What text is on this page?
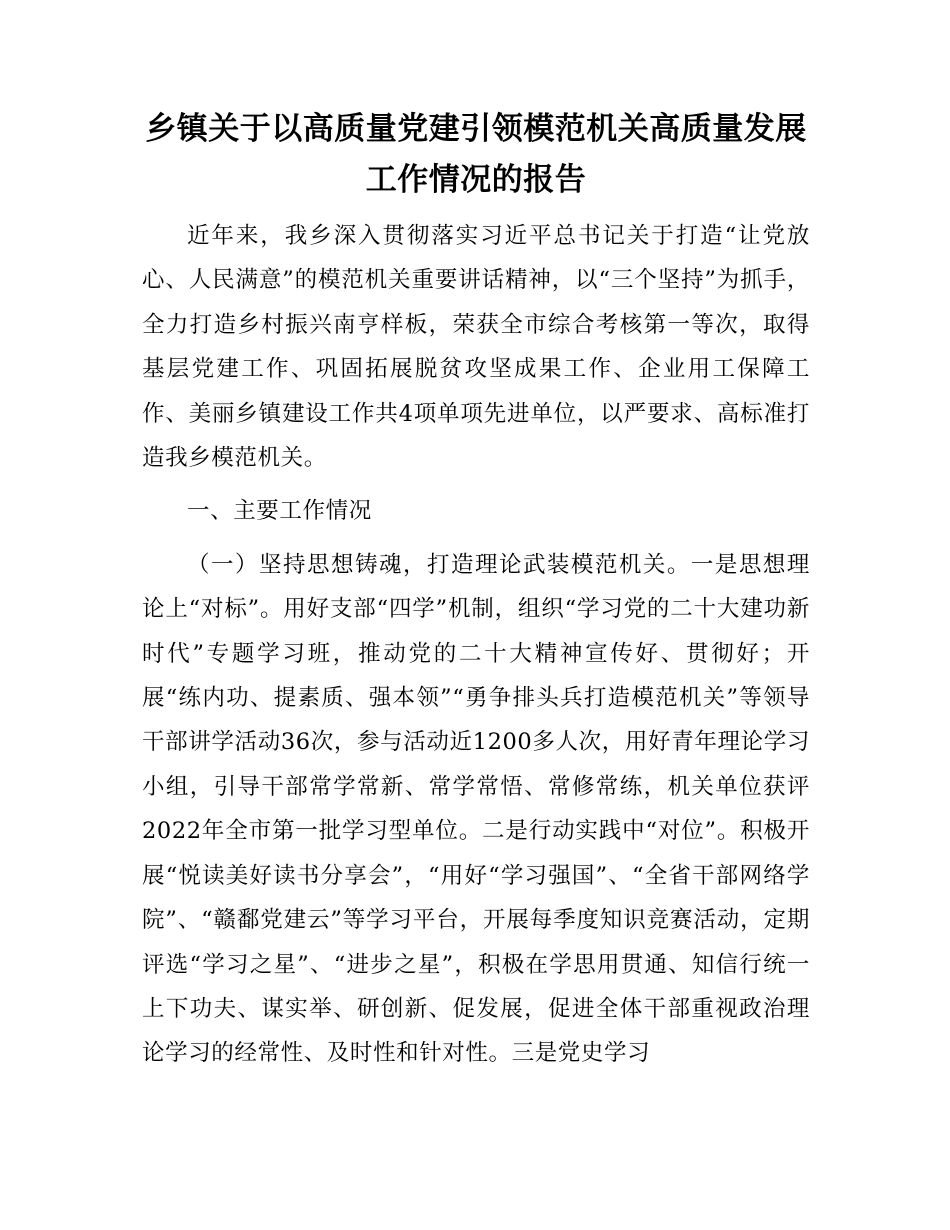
乡镇关于以高质量党建引领模范机关高质量发展工作情况的报告

近年来，我乡深入贯彻落实习近平总书记关于打造“让党放心、人民满意”的模范机关重要讲话精神，以“三个坚持”为抓手，全力打造乡村振兴南亨样板，荣获全市综合考核第一等次，取得基层党建工作、巩固拓展脱贫攻坚成果工作、企业用工保障工作、美丽乡镇建设工作共4项单项先进单位，以严要求、高标准打造我乡模范机关。

一、主要工作情况

（一）坚持思想铸魂，打造理论武装模范机关。一是思想理论上“对标”。用好支部“四学”机制，组织“学习党的二十大建功新时代”专题学习班，推动党的二十大精神宣传好、贯彻好；开展“练内功、提素质、强本领”“勇争排头兵打造模范机关”等领导干部讲学活动36次，参与活动近1200多人次，用好青年理论学习小组，引导干部常学常新、常学常悟、常修常练，机关单位获评2022年全市第一批学习型单位。二是行动实践中“对位”。积极开展“悦读美好读书分享会”，“用好“学习强国”、“全省干部网络学院”、“赣鄱党建云”等学习平台，开展每季度知识竞赛活动，定期评选“学习之星”、“进步之星”，积极在学思用贯通、知信行统一上下功夫、谋实举、研创新、促发展，促进全体干部重视政治理论学习的经常性、及时性和针对性。三是党史学习
